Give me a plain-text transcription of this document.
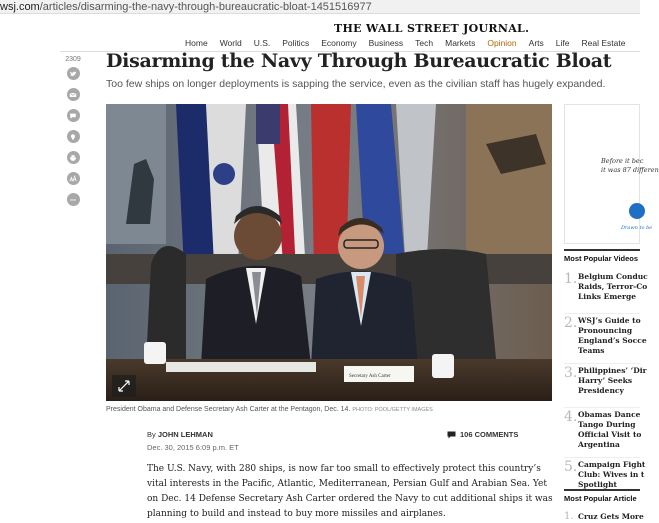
wsj.com/articles/disarming-the-navy-through-bureaucratic-bloat-1451516977
THE WALL STREET JOURNAL.
Home World U.S. Politics Economy Business Tech Markets Opinion Arts Life Real Estate
2309 Disarming the Navy Through Bureaucratic Bloat
Too few ships on longer deployments is sapping the service, even as the civilian staff has hugely expanded.
Secretary Ash Carter
President Obama and Defense Secretary Ash Carter at the Pentagon, Dec. 14. PHOTO: POOL/GETTY IMAGES
By JOHN LEHMAN
Dec. 30, 2015 6:09 p.m. ET
106 COMMENTS

The U.S. Navy, with 280 ships, is now far too small to effectively protect this country’s

vital interests in the Pacific, Atlantic, Mediterranean, Persian Gulf and Arabian Sea. Yet

on Dec. 14 Defense Secretary Ash Carter ordered the Navy to cut additional ships it was

planning to build and instead to buy more missiles and airplanes.

Before it bec
it was 87 differen
Drawn to be
Most Popular Videos
1. Belgium Conduc
Raids, Terror-Co
Links Emerge
2. WSJ’s Guide to
Pronouncing
England’s Socce
Teams
3. Philippines’ ‘Dir
Harry’ Seeks
Presidency
4. Obamas Dance
Tango During
Official Visit to
Argentina
5. Campaign Fight
Club: Wives in t
Spotlight
Most Popular Article
1. Cruz Gets More
